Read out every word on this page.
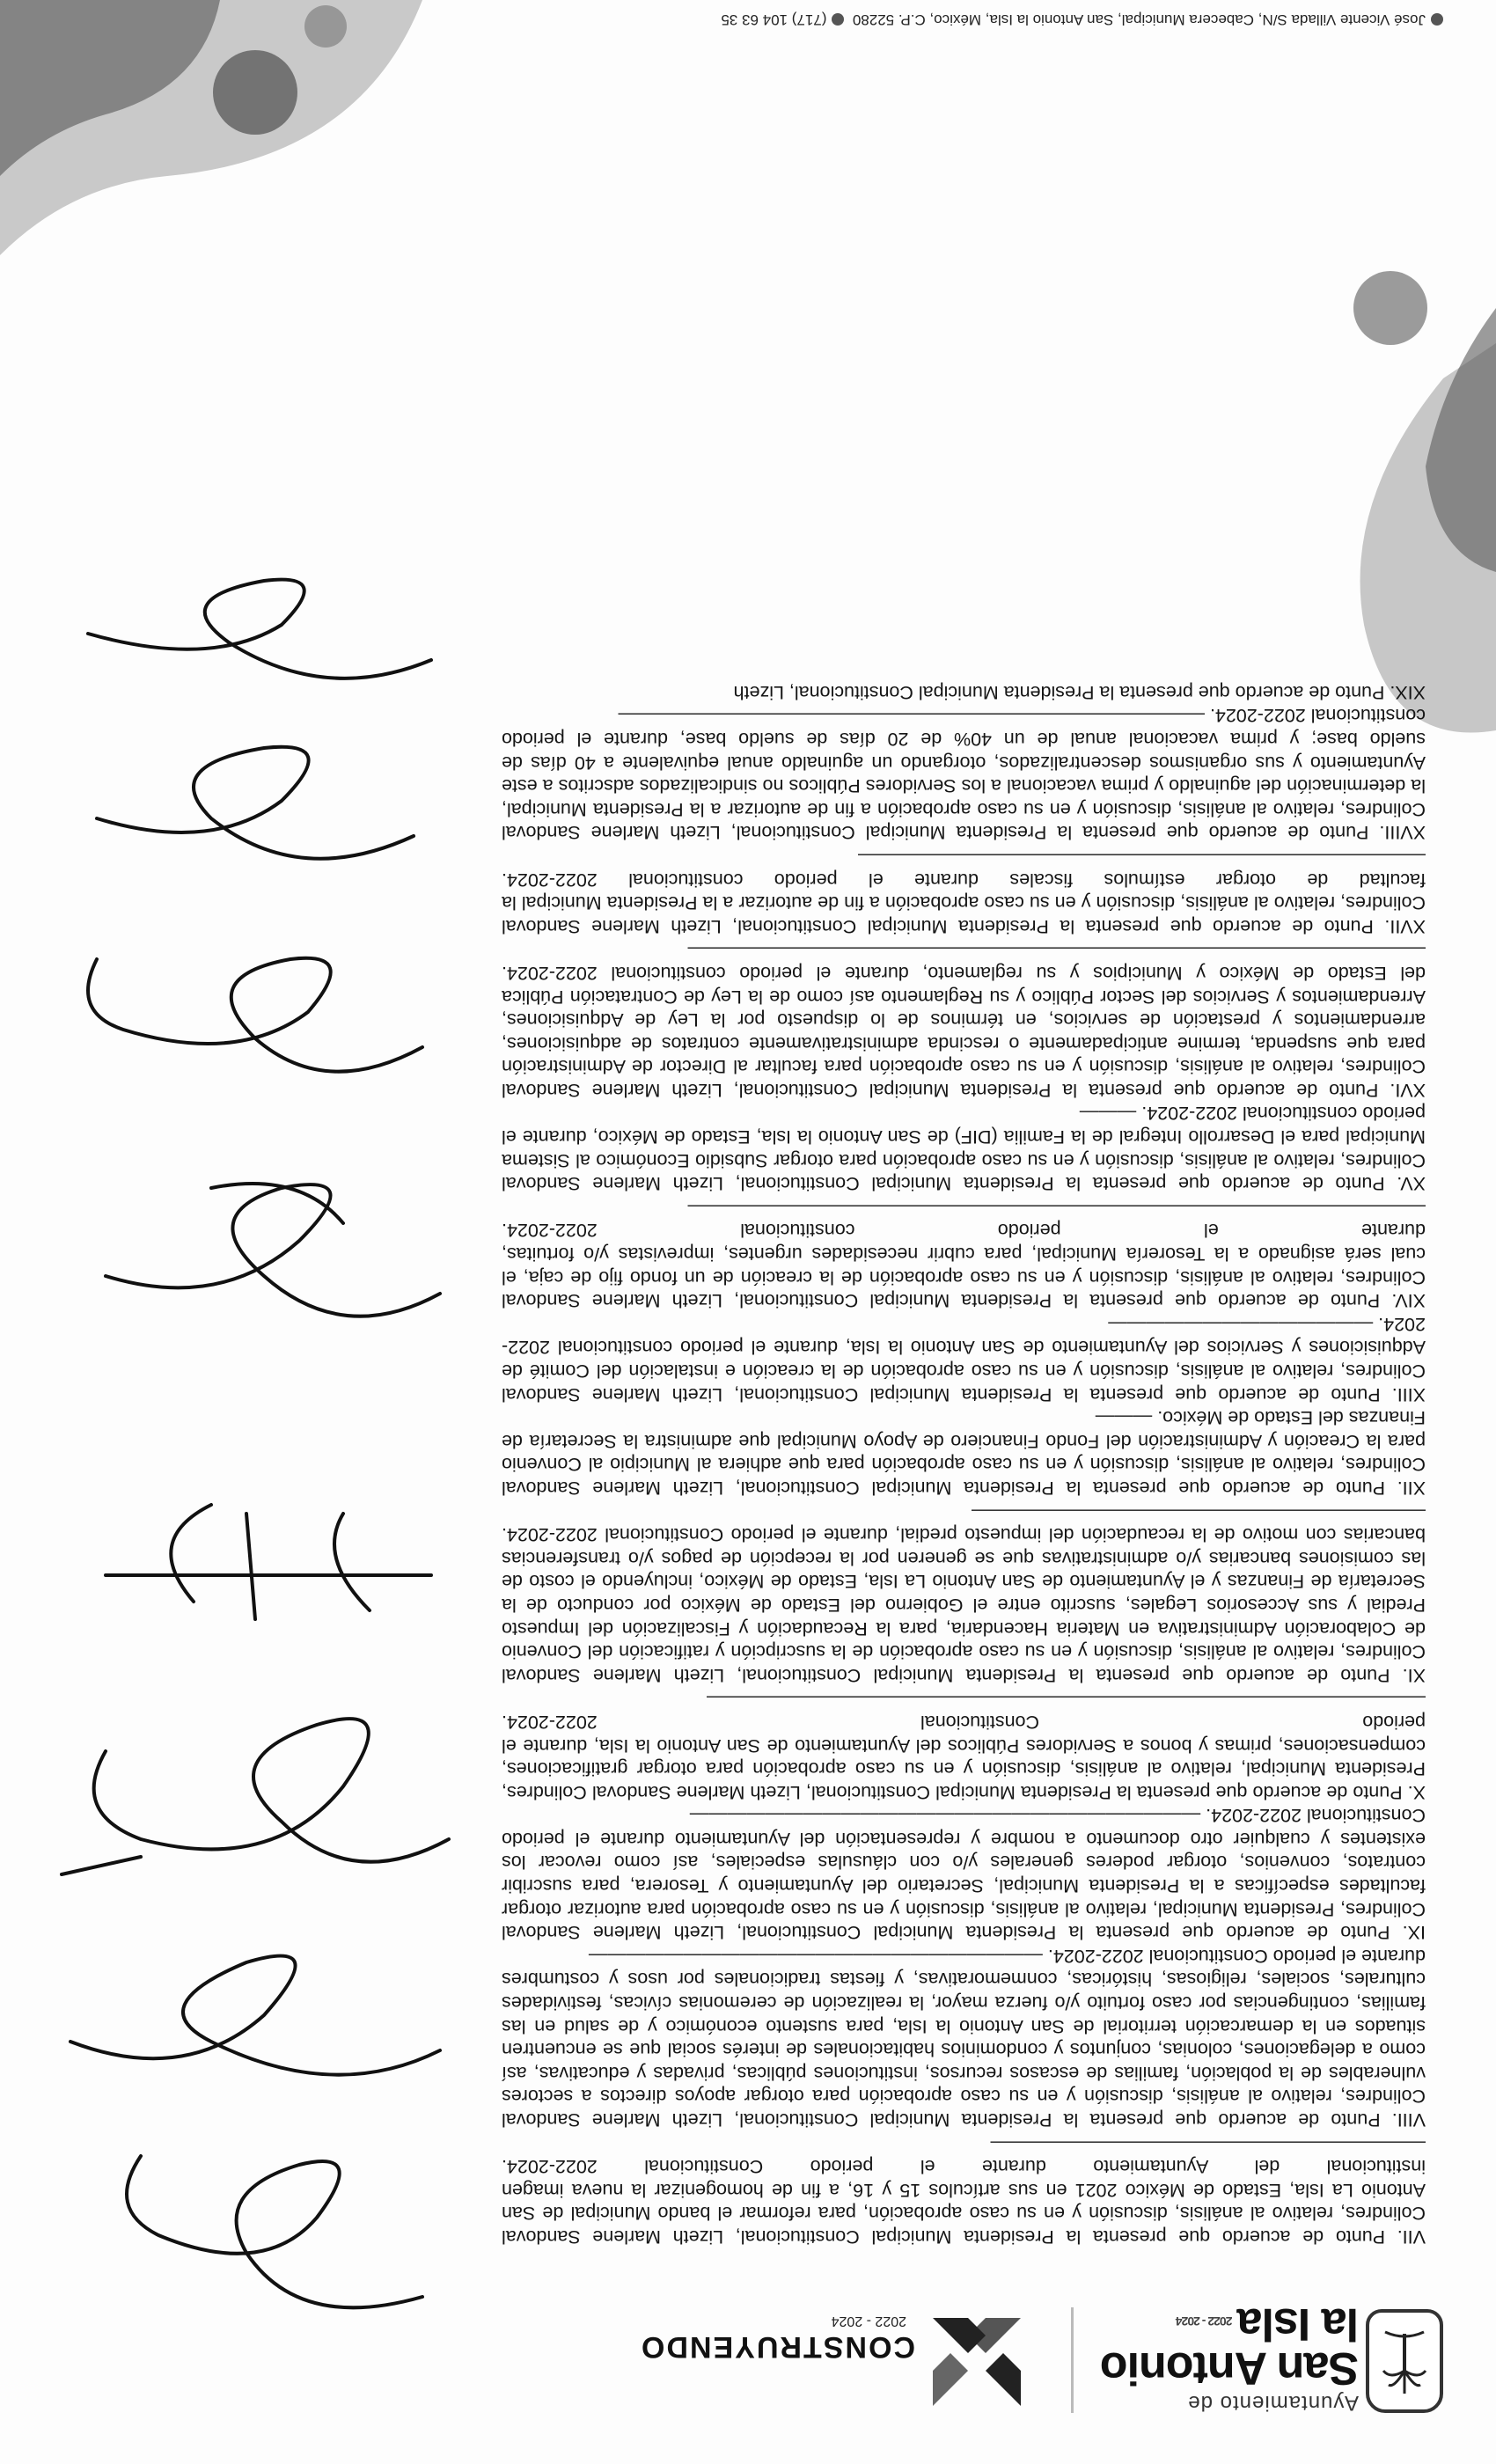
Ayuntamiento de
San Antonio
la Isla2022 - 2024
CONSTRUYENDO
2022 - 2024

VII. Punto de acuerdo que presenta la Presidenta Municipal Constitucional, Lizeth Marlene Sandoval Colindres, relativo al análisis, discusión y en su caso aprobación, para reformar el bando Municipal de San Antonio La Isla, Estado de México 2021 en sus artículos 15 y 16, a fin de homogenizar la nueva imagen institucional del Ayuntamiento durante el periodo Constitucional 2022-2024. ———————————————————————

VIII. Punto de acuerdo que presenta la Presidenta Municipal Constitucional, Lizeth Marlene Sandoval Colindres, relativo al análisis, discusión y en su caso aprobación para otorgar apoyos directos a sectores vulnerables de la población, familias de escasos recursos, instituciones públicas, privadas y educativas, así como a delegaciones, colonias, conjuntos y condominios habitacionales de interés social que se encuentren situados en la demarcación territorial de San Antonio la Isla, para sustento económico y de salud en las familias, contingencias por caso fortuito y/o fuerza mayor, la realización de ceremonias cívicas, festividades culturales, sociales, religiosas, históricas, conmemorativas, y fiestas tradicionales por usos y costumbres durante el periodo Constitucional 2022-2024. ————————————————————————

IX. Punto de acuerdo que presenta la Presidenta Municipal Constitucional, Lizeth Marlene Sandoval Colindres, Presidenta Municipal, relativo al análisis, discusión y en su caso aprobación para autorizar otorgar facultades específicas a la Presidenta Municipal, Secretario del Ayuntamiento y Tesorera, para suscribir contratos, convenios, otorgar poderes generales y/o con cláusulas especiales, así como revocar los existentes y cualquier otro documento a nombre y representación del Ayuntamiento durante el periodo Constitucional 2022-2024. ———————————————————————————

X. Punto de acuerdo que presenta la Presidenta Municipal Constitucional, Lizeth Marlene Sandoval Colindres, Presidenta Municipal, relativo al análisis, discusión y en su caso aprobación para otorgar gratificaciones, compensaciones, primas y bonos a Servidores Públicos del Ayuntamiento de San Antonio la Isla, durante el periodo Constitucional 2022-2024. ——————————————————————————————————————

XI. Punto de acuerdo que presenta la Presidenta Municipal Constitucional, Lizeth Marlene Sandoval Colindres, relativo al análisis, discusión y en su caso aprobación de la suscripción y ratificación del Convenio de Colaboración Administrativa en Materia Hacendaria, para la Recaudación y Fiscalización del Impuesto Predial y sus Accesorios Legales, suscrito entre el Gobierno del Estado de México por conducto de la Secretaría de Finanzas y el Ayuntamiento de San Antonio La Isla, Estado de México, incluyendo el costo de las comisiones bancarias y/o administrativas que se generen por la recepción de pagos y/o transferencias bancarias con motivo de la recaudación del impuesto predial, durante el periodo Constitucional 2022-2024. ————————————————————————

XII. Punto de acuerdo que presenta la Presidenta Municipal Constitucional, Lizeth Marlene Sandoval Colindres, relativo al análisis, discusión y en su caso aprobación para que adhiera al Municipio al Convenio para la Creación y Administración del Fondo Financiero de Apoyo Municipal que administra la Secretaría de Finanzas del Estado de México. ———

XIII. Punto de acuerdo que presenta la Presidenta Municipal Constitucional, Lizeth Marlene Sandoval Colindres, relativo al análisis, discusión y en su caso aprobación de la creación e instalación del Comité de Adquisiciones y Servicios del Ayuntamiento de San Antonio la Isla, durante el periodo constitucional 2022-2024. ——————————————

XIV. Punto de acuerdo que presenta la Presidenta Municipal Constitucional, Lizeth Marlene Sandoval Colindres, relativo al análisis, discusión y en su caso aprobación de la creación de un fondo fijo de caja, el cual será asignado a la Tesorería Municipal, para cubrir necesidades urgentes, imprevistas y/o fortuitas, durante el periodo constitucional 2022-2024. ———————————————————————————————————————

XV. Punto de acuerdo que presenta la Presidenta Municipal Constitucional, Lizeth Marlene Sandoval Colindres, relativo al análisis, discusión y en su caso aprobación para otorgar Subsidio Económico al Sistema Municipal para el Desarrollo Integral de la Familia (DIF) de San Antonio la Isla, Estado de México, durante el periodo constitucional 2022-2024. ———

XVI. Punto de acuerdo que presenta la Presidenta Municipal Constitucional, Lizeth Marlene Sandoval Colindres, relativo al análisis, discusión y en su caso aprobación para facultar al Director de Administración para que suspenda, termine anticipadamente o rescinda administrativamente contratos de adquisiciones, arrendamientos y prestación de servicios, en términos de lo dispuesto por la Ley de Adquisiciones, Arrendamientos y Servicios del Sector Público y su Reglamento así como de la Ley de Contratación Pública del Estado de México y Municipios y su reglamento, durante el periodo constitucional 2022-2024. ———————————————————————————————————————

XVII. Punto de acuerdo que presenta la Presidenta Municipal Constitucional, Lizeth Marlene Sandoval Colindres, relativo al análisis, discusión y en su caso aprobación a fin de autorizar a la Presidenta Municipal la facultad de otorgar estímulos fiscales durante el periodo constitucional 2022-2024. ——————————————————————————————

XVIII. Punto de acuerdo que presenta la Presidenta Municipal Constitucional, Lizeth Marlene Sandoval Colindres, relativo al análisis, discusión y en su caso aprobación a fin de autorizar a la Presidenta Municipal, la determinación del aguinaldo y prima vacacional a los Servidores Públicos no sindicalizados adscritos a este Ayuntamiento y sus organismos descentralizados, otorgando un aguinaldo anual equivalente a 40 días de sueldo base; y prima vacacional anual de un 40% de 20 días de sueldo base, durante el periodo constitucional 2022-2024. ———————————————————————————————

XIX. Punto de acuerdo que presenta la Presidenta Municipal Constitucional, Lizeth

José Vicente Villada S/N, Cabecera Municipal, San Antonio la Isla, México, C.P. 52280  (717) 104 63 35
